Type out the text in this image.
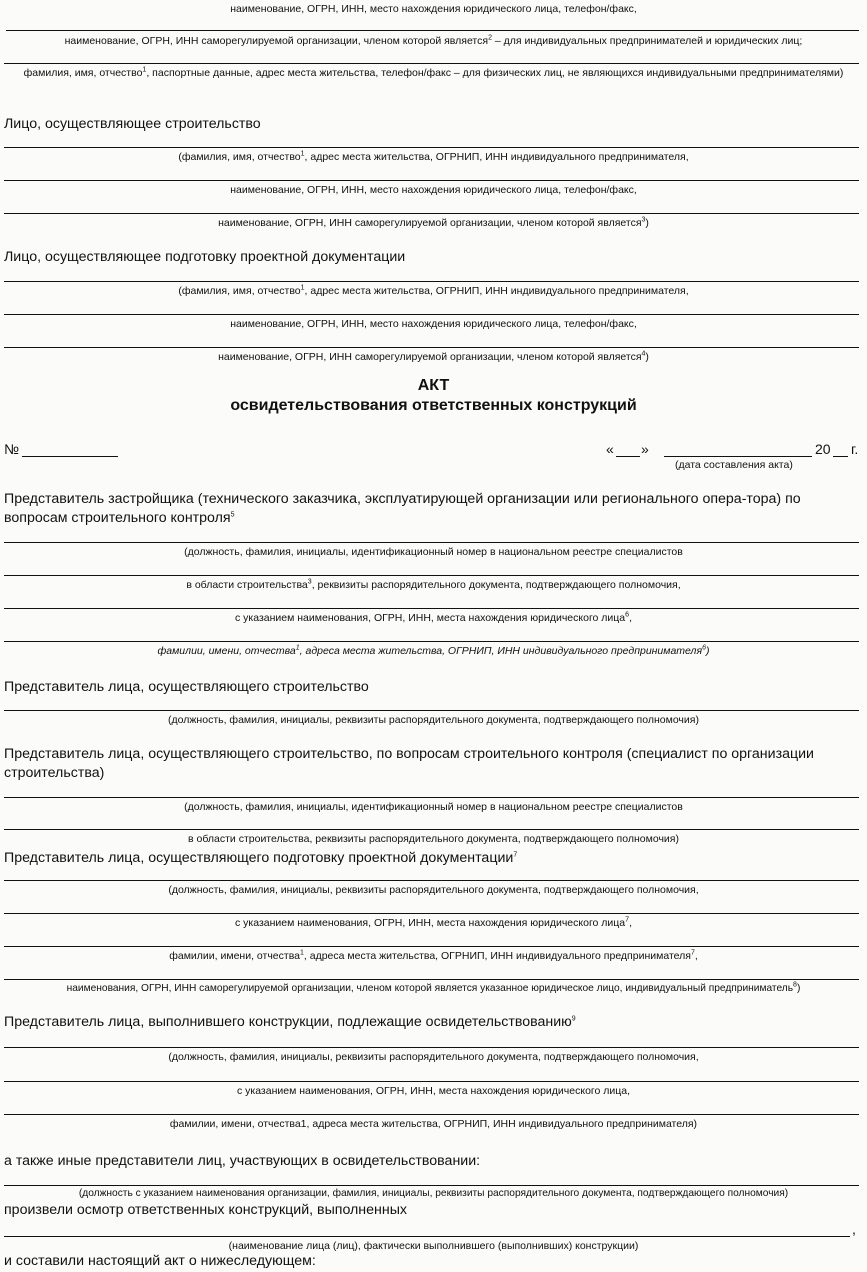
наименование, ОГРН, ИНН, место нахождения юридического лица, телефон/факс,
наименование, ОГРН, ИНН саморегулируемой организации, членом которой является$^2$ – для индивидуальных предпринимателей и юридических лиц;
фамилия, имя, отчество$^1$, паспортные данные, адрес места жительства, телефон/факс – для физических лиц, не являющихся индивидуальными предпринимателями)
Лицо, осуществляющее строительство
(фамилия, имя, отчество$^1$, адрес места жительства, ОГРНИП, ИНН индивидуального предпринимателя,
наименование, ОГРН, ИНН, место нахождения юридического лица, телефон/факс,
наименование, ОГРН, ИНН саморегулируемой организации, членом которой является$^3$)
Лицо, осуществляющее подготовку проектной документации
(фамилия, имя, отчество$^1$, адрес места жительства, ОГРНИП, ИНН индивидуального предпринимателя,
наименование, ОГРН, ИНН, место нахождения юридического лица, телефон/факс,
наименование, ОГРН, ИНН саморегулируемой организации, членом которой является$^4$)
АКТ
освидетельствования ответственных конструкций
№	« »	20 г.
(дата составления акта)
Представитель застройщика (технического заказчика, эксплуатирующей организации или регионального опера-тора) по вопросам строительного контроля$^5$
(должность, фамилия, инициалы, идентификационный номер в национальном реестре специалистов
в области строительства$^3$, реквизиты распорядительного документа, подтверждающего полномочия,
с указанием наименования, ОГРН, ИНН, места нахождения юридического лица$^6$,
фамилии, имени, отчества$^1$, адреса места жительства, ОГРНИП, ИНН индивидуального предпринимателя$^6$)
Представитель лица, осуществляющего строительство
(должность, фамилия, инициалы, реквизиты распорядительного документа, подтверждающего полномочия)
Представитель лица, осуществляющего строительство, по вопросам строительного контроля (специалист по организации строительства)
(должность, фамилия, инициалы, идентификационный номер в национальном реестре специалистов
в области строительства, реквизиты распорядительного документа, подтверждающего полномочия)
Представитель лица, осуществляющего подготовку проектной документации$^7$
(должность, фамилия, инициалы, реквизиты распорядительного документа, подтверждающего полномочия,
с указанием наименования, ОГРН, ИНН, места нахождения юридического лица$^7$,
фамилии, имени, отчества$^1$, адреса места жительства, ОГРНИП, ИНН индивидуального предпринимателя$^7$,
наименования, ОГРН, ИНН саморегулируемой организации, членом которой является указанное юридическое лицо, индивидуальный предприниматель$^8$)
Представитель лица, выполнившего конструкции, подлежащие освидетельствованию$^9$
(должность, фамилия, инициалы, реквизиты распорядительного документа, подтверждающего полномочия,
с указанием наименования, ОГРН, ИНН, места нахождения юридического лица,
фамилии, имени, отчества1, адреса места жительства, ОГРНИП, ИНН индивидуального предпринимателя)
а также иные представители лиц, участвующих в освидетельствовании:
(должность с указанием наименования организации, фамилия, инициалы, реквизиты распорядительного документа, подтверждающего полномочия)
произвели осмотр ответственных конструкций, выполненных
,
(наименование лица (лиц), фактически выполнившего (выполнивших) конструкции)
и составили настоящий акт о нижеследующем:
